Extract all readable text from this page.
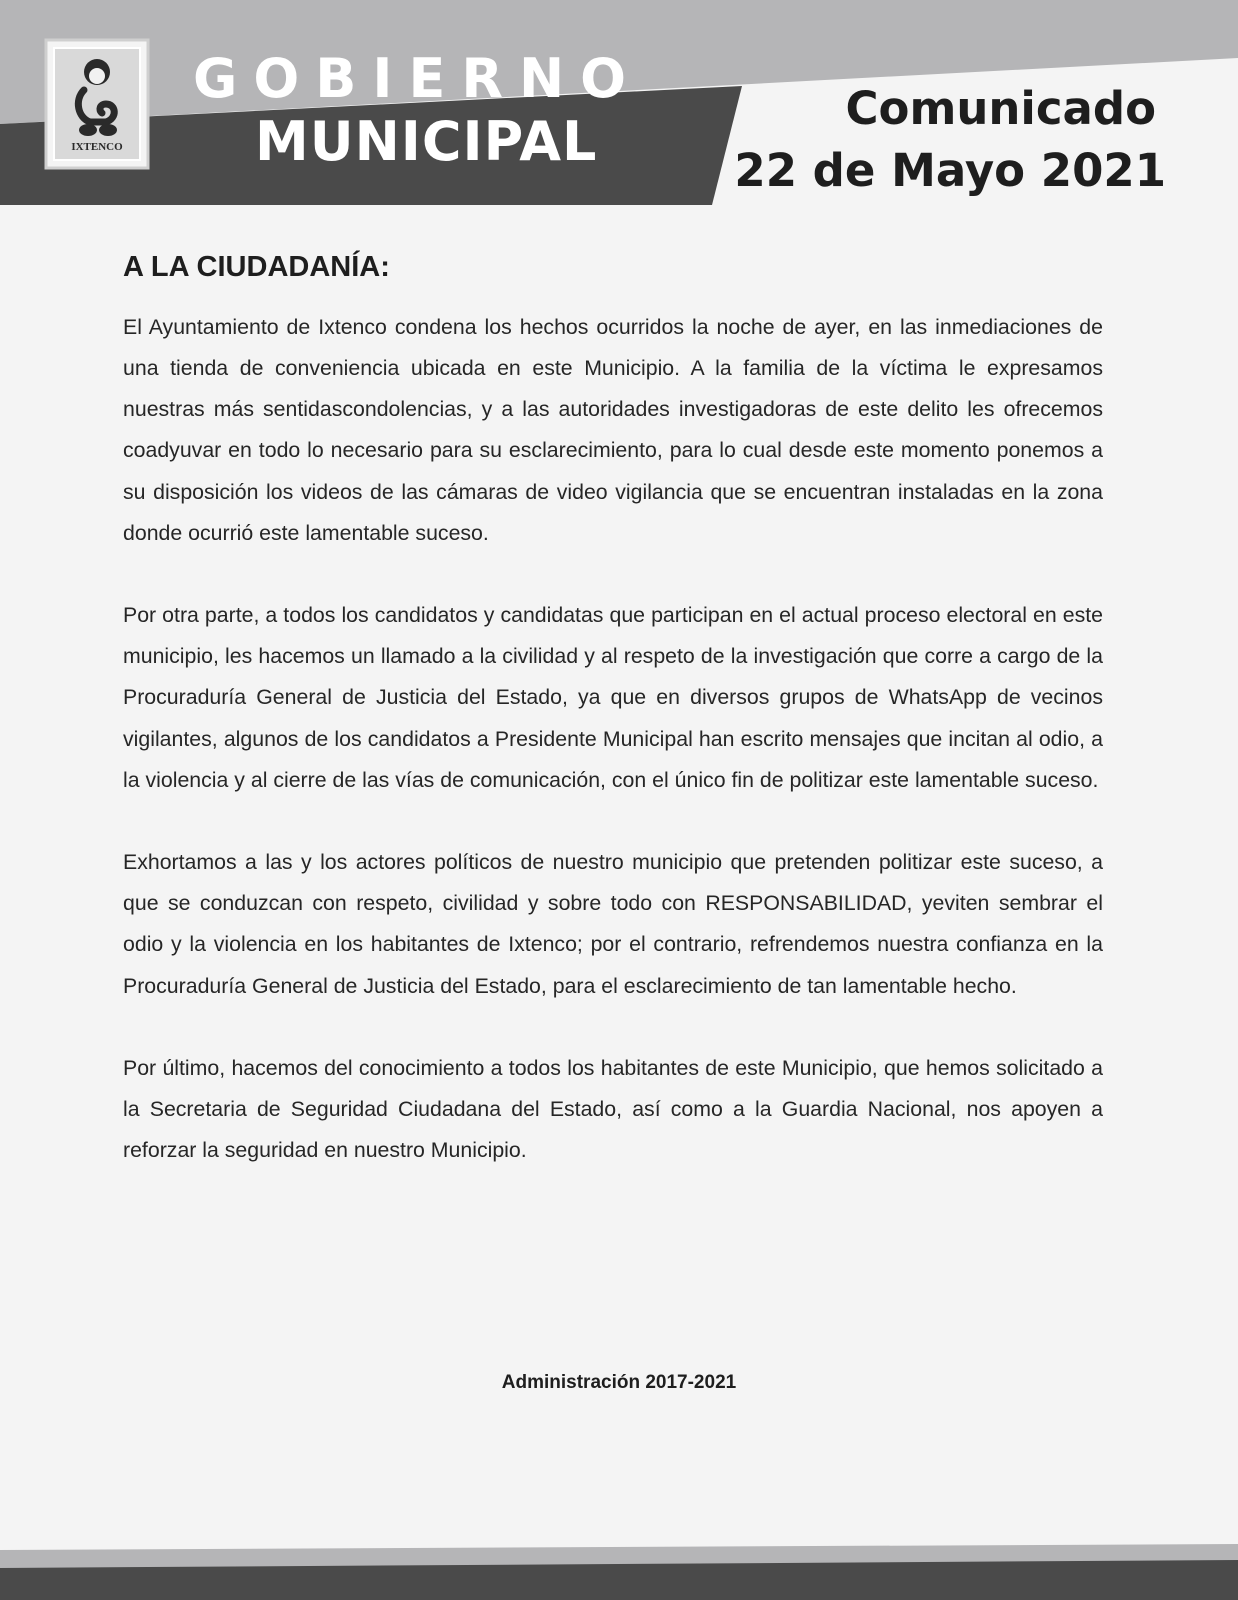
IXTENCO
GOBIERNO
MUNICIPAL
Comunicado
22 de Mayo 2021
A LA CIUDADANÍA:

El Ayuntamiento de Ixtenco condena los hechos ocurridos la noche de ayer, en las inmediaciones de una tienda de conveniencia ubicada en este Municipio. A la familia de la víctima le expresamos nuestras más sentidascondolencias, y a las autoridades investigadoras de este delito les ofrecemos coadyuvar en todo lo necesario para su esclarecimiento, para lo cual desde este momento ponemos a su disposición los videos de las cámaras de video vigilancia que se encuentran instaladas en la zona donde ocurrió este lamentable suceso.

Por otra parte, a todos los candidatos y candidatas que participan en el actual proceso electoral en este municipio, les hacemos un llamado a la civilidad y al respeto de la investigación que corre a cargo de la Procuraduría General de Justicia del Estado, ya que en diversos grupos de WhatsApp de vecinos vigilantes, algunos de los candidatos a Presidente Municipal han escrito mensajes que incitan al odio, a la violencia y al cierre de las vías de comunicación, con el único fin de politizar este lamentable suceso.

Exhortamos a las y los actores políticos de nuestro municipio que pretenden politizar este suceso, a que se conduzcan con respeto, civilidad y sobre todo con RESPONSABILIDAD, yeviten sembrar el odio y la violencia en los habitantes de Ixtenco; por el contrario, refrendemos nuestra confianza en la Procuraduría General de Justicia del Estado, para el esclarecimiento de tan lamentable hecho.

Por último, hacemos del conocimiento a todos los habitantes de este Municipio, que hemos solicitado a la Secretaria de Seguridad Ciudadana del Estado, así como a la Guardia Nacional, nos apoyen a reforzar la seguridad en nuestro Municipio.

Administración 2017-2021
